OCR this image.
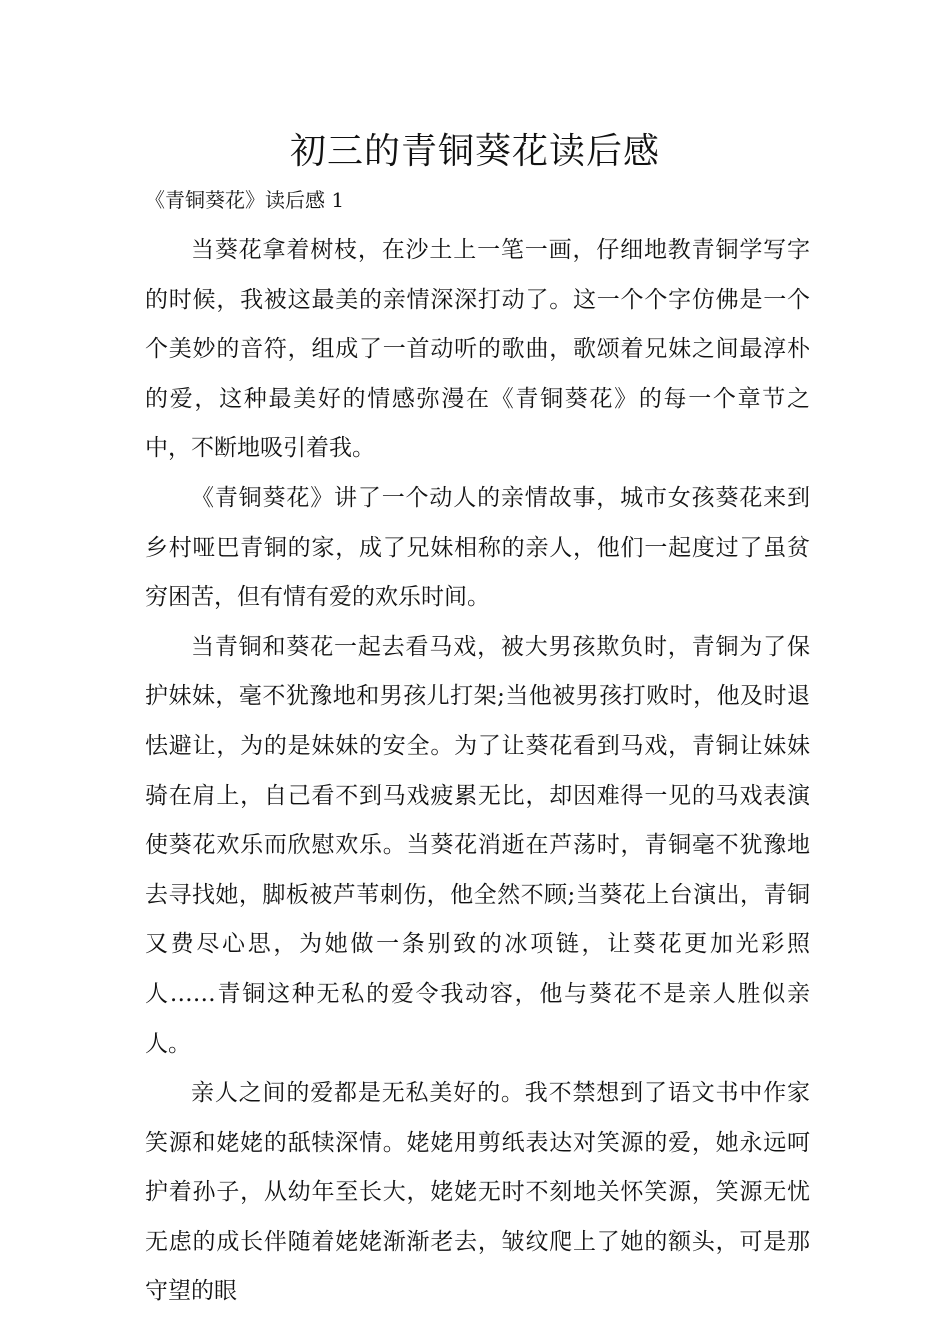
初三的青铜葵花读后感

《青铜葵花》读后感 1

当葵花拿着树枝，在沙土上一笔一画，仔细地教青铜学写字的时候，我被这最美的亲情深深打动了。这一个个字仿佛是一个个美妙的音符，组成了一首动听的歌曲，歌颂着兄妹之间最淳朴的爱，这种最美好的情感弥漫在《青铜葵花》的每一个章节之中，不断地吸引着我。

《青铜葵花》讲了一个动人的亲情故事，城市女孩葵花来到乡村哑巴青铜的家，成了兄妹相称的亲人，他们一起度过了虽贫穷困苦，但有情有爱的欢乐时间。

当青铜和葵花一起去看马戏，被大男孩欺负时，青铜为了保护妹妹，毫不犹豫地和男孩儿打架;当他被男孩打败时，他及时退怯避让，为的是妹妹的安全。为了让葵花看到马戏，青铜让妹妹骑在肩上，自己看不到马戏疲累无比，却因难得一见的马戏表演使葵花欢乐而欣慰欢乐。当葵花消逝在芦荡时，青铜毫不犹豫地去寻找她，脚板被芦苇刺伤，他全然不顾;当葵花上台演出，青铜又费尽心思，为她做一条别致的冰项链，让葵花更加光彩照人……青铜这种无私的爱令我动容，他与葵花不是亲人胜似亲人。

亲人之间的爱都是无私美好的。我不禁想到了语文书中作家笑源和姥姥的舐犊深情。姥姥用剪纸表达对笑源的爱，她永远呵护着孙子，从幼年至长大，姥姥无时不刻地关怀笑源，笑源无忧无虑的成长伴随着姥姥渐渐老去，皱纹爬上了她的额头，可是那守望的眼
